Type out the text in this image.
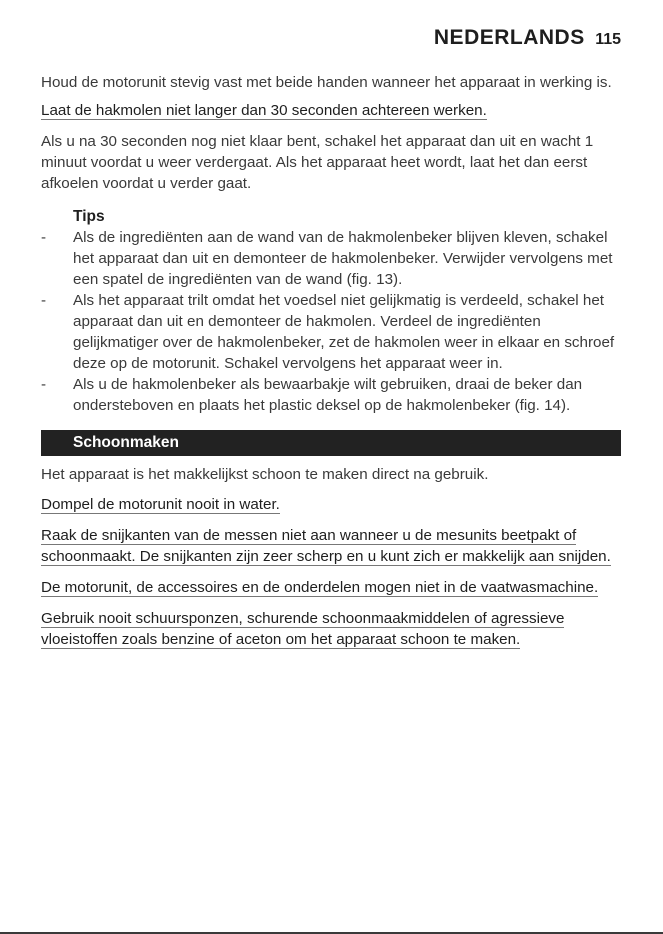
NEDERLANDS 115

Houd de motorunit stevig vast met beide handen wanneer het apparaat in werking is.

Laat de hakmolen niet langer dan 30 seconden achtereen werken.

Als u na 30 seconden nog niet klaar bent, schakel het apparaat dan uit en wacht 1 minuut voordat u weer verdergaat. Als het apparaat heet wordt, laat het dan eerst afkoelen voordat u verder gaat.

Tips
- Als de ingrediënten aan de wand van de hakmolenbeker blijven kleven, schakel het apparaat dan uit en demonteer de hakmolenbeker. Verwijder vervolgens met een spatel de ingrediënten van de wand (fig. 13).
- Als het apparaat trilt omdat het voedsel niet gelijkmatig is verdeeld, schakel het apparaat dan uit en demonteer de hakmolen. Verdeel de ingrediënten gelijkmatiger over de hakmolenbeker, zet de hakmolen weer in elkaar en schroef deze op de motorunit. Schakel vervolgens het apparaat weer in.
- Als u de hakmolenbeker als bewaarbakje wilt gebruiken, draai de beker dan ondersteboven en plaats het plastic deksel op de hakmolenbeker (fig. 14).
Schoonmaken

Het apparaat is het makkelijkst schoon te maken direct na gebruik.

Dompel de motorunit nooit in water.

Raak de snijkanten van de messen niet aan wanneer u de mesunits beetpakt of schoonmaakt. De snijkanten zijn zeer scherp en u kunt zich er makkelijk aan snijden.

De motorunit, de accessoires en de onderdelen mogen niet in de vaatwasmachine.

Gebruik nooit schuursponzen, schurende schoonmaakmiddelen of agressieve vloeistoffen zoals benzine of aceton om het apparaat schoon te maken.
